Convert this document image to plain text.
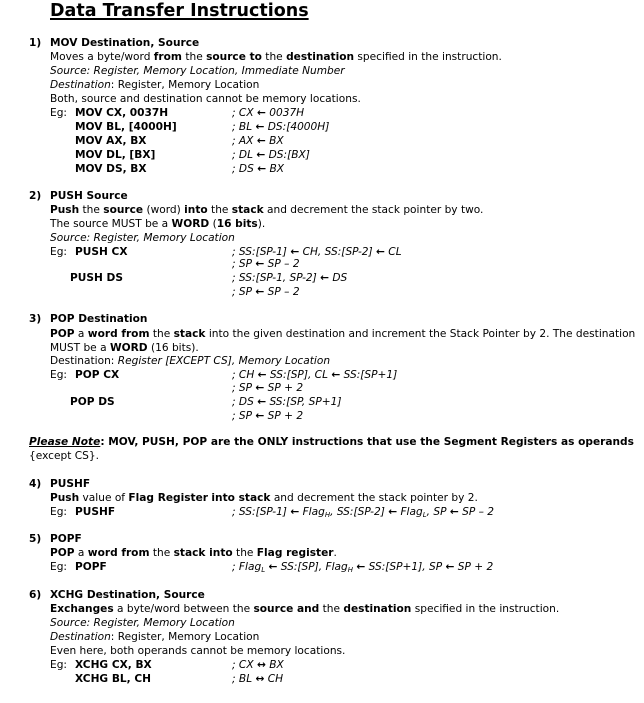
Data Transfer Instructions
1) MOV Destination, Source
Moves a byte/word from the source to the destination specified in the instruction.
Source: Register, Memory Location, Immediate Number
Destination: Register, Memory Location
Both, source and destination cannot be memory locations.
Eg: MOV CX, 0037H	; CX ← 0037H
MOV BL, [4000H]	; BL ← DS:[4000H]
MOV AX, BX	; AX ← BX
MOV DL, [BX]	; DL ← DS:[BX]
MOV DS, BX	; DS ← BX
2) PUSH Source
Push the source (word) into the stack and decrement the stack pointer by two.
The source MUST be a WORD (16 bits).
Source: Register, Memory Location
Eg: PUSH CX	; SS:[SP-1] ← CH, SS:[SP-2] ← CL
; SP ← SP – 2
PUSH DS	; SS:[SP-1, SP-2] ← DS
; SP ← SP – 2
3) POP Destination
POP a word from the stack into the given destination and increment the Stack Pointer by 2. The destination MUST be a WORD (16 bits).
Destination: Register [EXCEPT CS], Memory Location
Eg: POP CX	; CH ← SS:[SP], CL ← SS:[SP+1]
; SP ← SP + 2
POP DS	; DS ← SS:[SP, SP+1]
; SP ← SP + 2
Please Note: MOV, PUSH, POP are the ONLY instructions that use the Segment Registers as operands
{except CS}.
4) PUSHF
Push value of Flag Register into stack and decrement the stack pointer by 2.
Eg: PUSHF	; SS:[SP-1] ← Flag$_H$, SS:[SP-2] ← Flag$_L$, SP ← SP – 2
5) POPF
POP a word from the stack into the Flag register.
Eg: POPF	; Flag$_L$ ← SS:[SP], Flag$_H$ ← SS:[SP+1], SP ← SP + 2
6) XCHG Destination, Source
Exchanges a byte/word between the source and the destination specified in the instruction.
Source: Register, Memory Location
Destination: Register, Memory Location
Even here, both operands cannot be memory locations.
Eg: XCHG CX, BX	; CX ↔ BX
XCHG BL, CH	; BL ↔ CH
